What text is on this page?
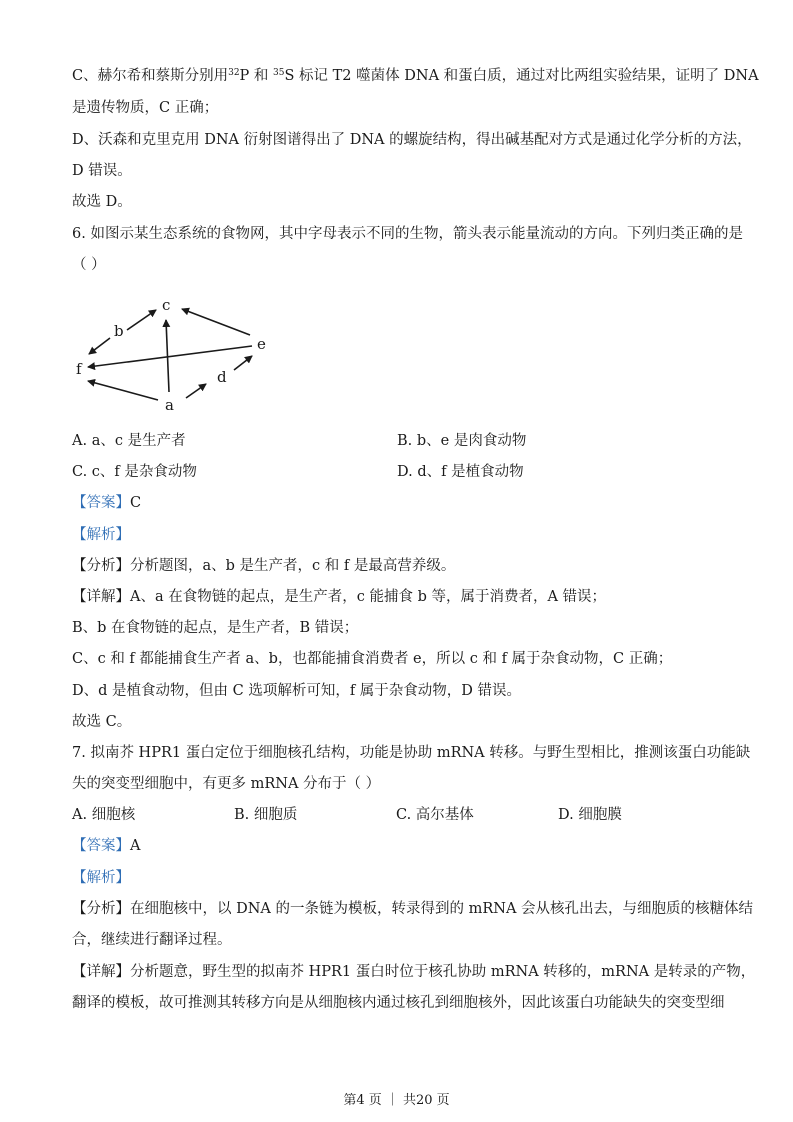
C、赫尔希和蔡斯分别用$^{32}$P 和 $^{35}$S 标记 T2 噬菌体 DNA 和蛋白质，通过对比两组实验结果，证明了 DNA
是遗传物质，C 正确；
D、沃森和克里克用 DNA 衍射图谱得出了 DNA 的螺旋结构，得出碱基配对方式是通过化学分析的方法，
D 错误。
故选 D。
6. 如图示某生态系统的食物网，其中字母表示不同的生物，箭头表示能量流动的方向。下列归类正确的是
（ ）
c
b
e
f	d
a
A. a、c 是生产者	B. b、e 是肉食动物
C. c、f 是杂食动物	D. d、f 是植食动物
【答案】C
【解析】
【分析】分析题图，a、b 是生产者，c 和 f 是最高营养级。
【详解】A、a 在食物链的起点，是生产者，c 能捕食 b 等，属于消费者，A 错误；
B、b 在食物链的起点，是生产者，B 错误；
C、c 和 f 都能捕食生产者 a、b，也都能捕食消费者 e，所以 c 和 f 属于杂食动物，C 正确；
D、d 是植食动物，但由 C 选项解析可知，f 属于杂食动物，D 错误。
故选 C。
7. 拟南芥 HPR1 蛋白定位于细胞核孔结构，功能是协助 mRNA 转移。与野生型相比，推测该蛋白功能缺
失的突变型细胞中，有更多 mRNA 分布于（ ）
A. 细胞核	B. 细胞质	C. 高尔基体	D. 细胞膜
【答案】A
【解析】
【分析】在细胞核中，以 DNA 的一条链为模板，转录得到的 mRNA 会从核孔出去，与细胞质的核糖体结
合，继续进行翻译过程。
【详解】分析题意，野生型的拟南芥 HPR1 蛋白时位于核孔协助 mRNA 转移的，mRNA 是转录的产物，
翻译的模板，故可推测其转移方向是从细胞核内通过核孔到细胞核外，因此该蛋白功能缺失的突变型细
第4 页 ｜ 共20 页
